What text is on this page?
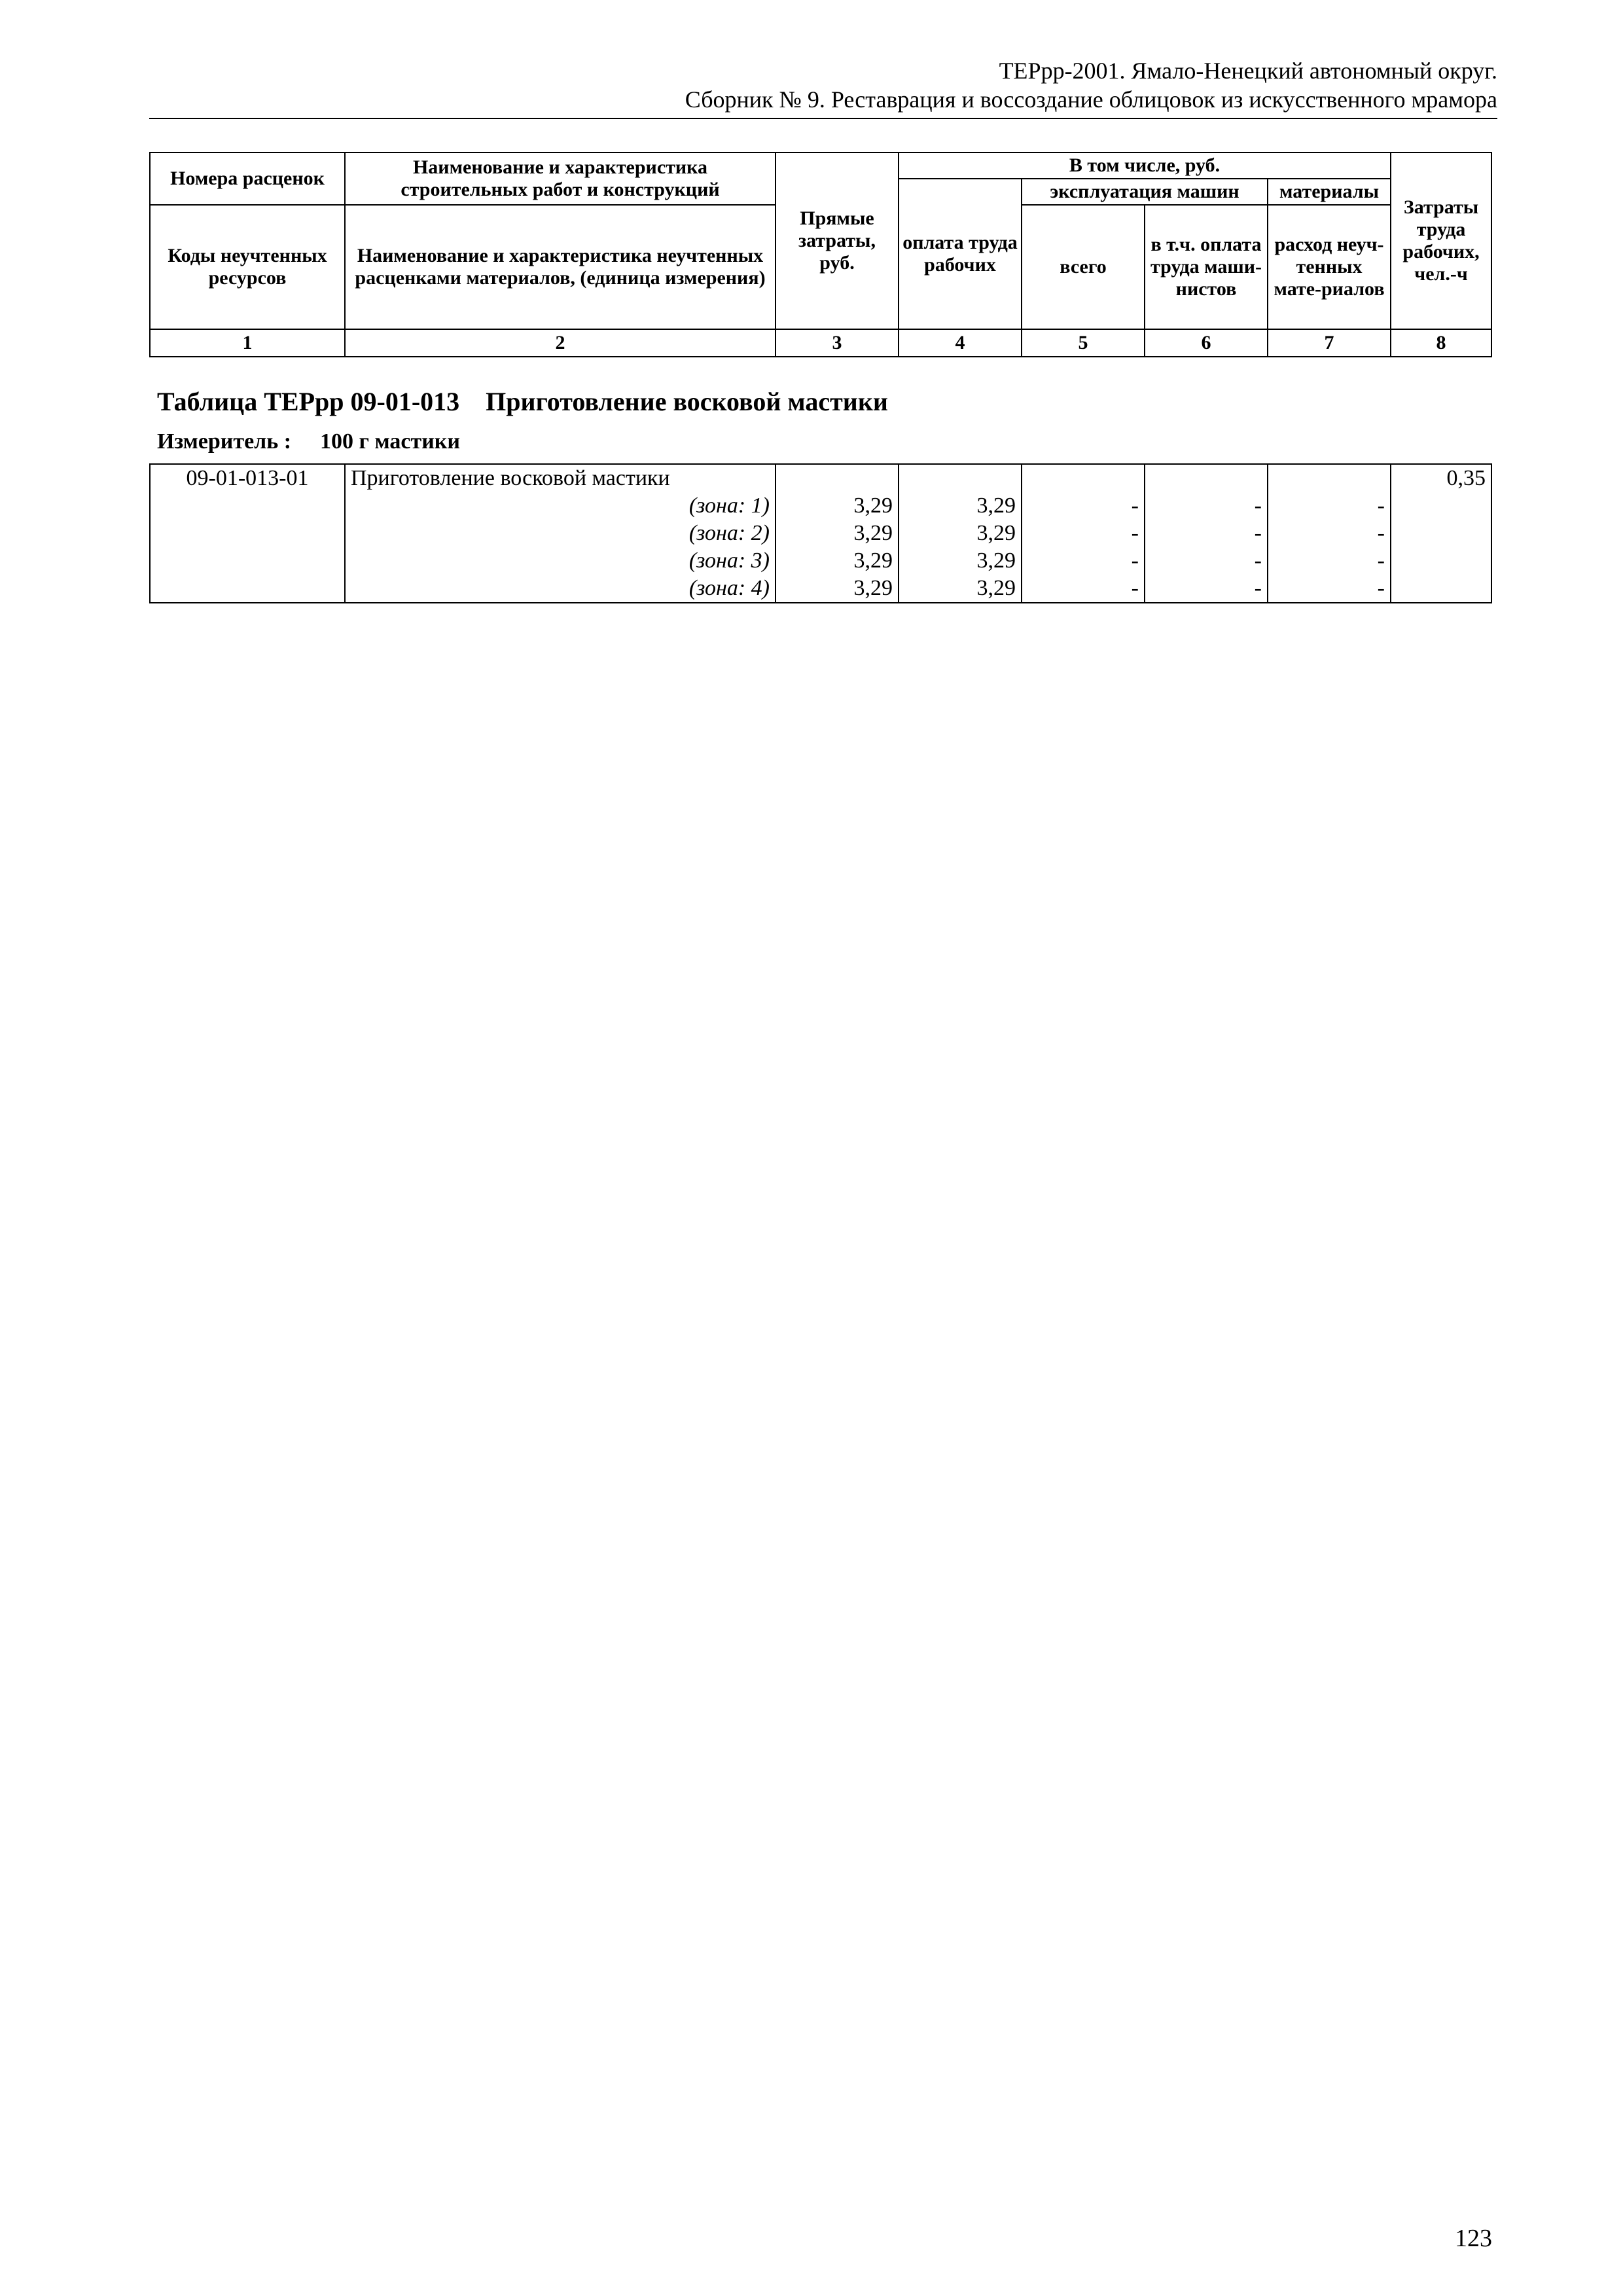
ТЕРрр-2001. Ямало-Ненецкий автономный округ.
Сборник № 9. Реставрация и воссоздание облицовок из искусственного мрамора
Номера расценок	Наименование и характеристика строительных работ и конструкций	Прямые затраты, руб.	В том числе, руб.				Затраты труда рабочих, чел.-ч
			оплата труда рабочих	эксплуатация машин		материалы	
Коды неучтенных ресурсов	Наименование и характеристика неучтенных расценками материалов, (единица измерения)			всего	в т.ч. оплата труда маши-нистов	расход неуч-тенных мате-риалов	

1	2	3	4	5	6	7	8
Таблица ТЕРрр 09-01-013 Приготовление восковой мастики
Измеритель : 100 г мастики
09-01-013-01	Приготовление восковой мастики						0,35
	(зона: 1)	3,29	3,29	-	-	-	
	(зона: 2)	3,29	3,29	-	-	-	
	(зона: 3)	3,29	3,29	-	-	-	
	(зона: 4)	3,29	3,29	-	-	-	
123
